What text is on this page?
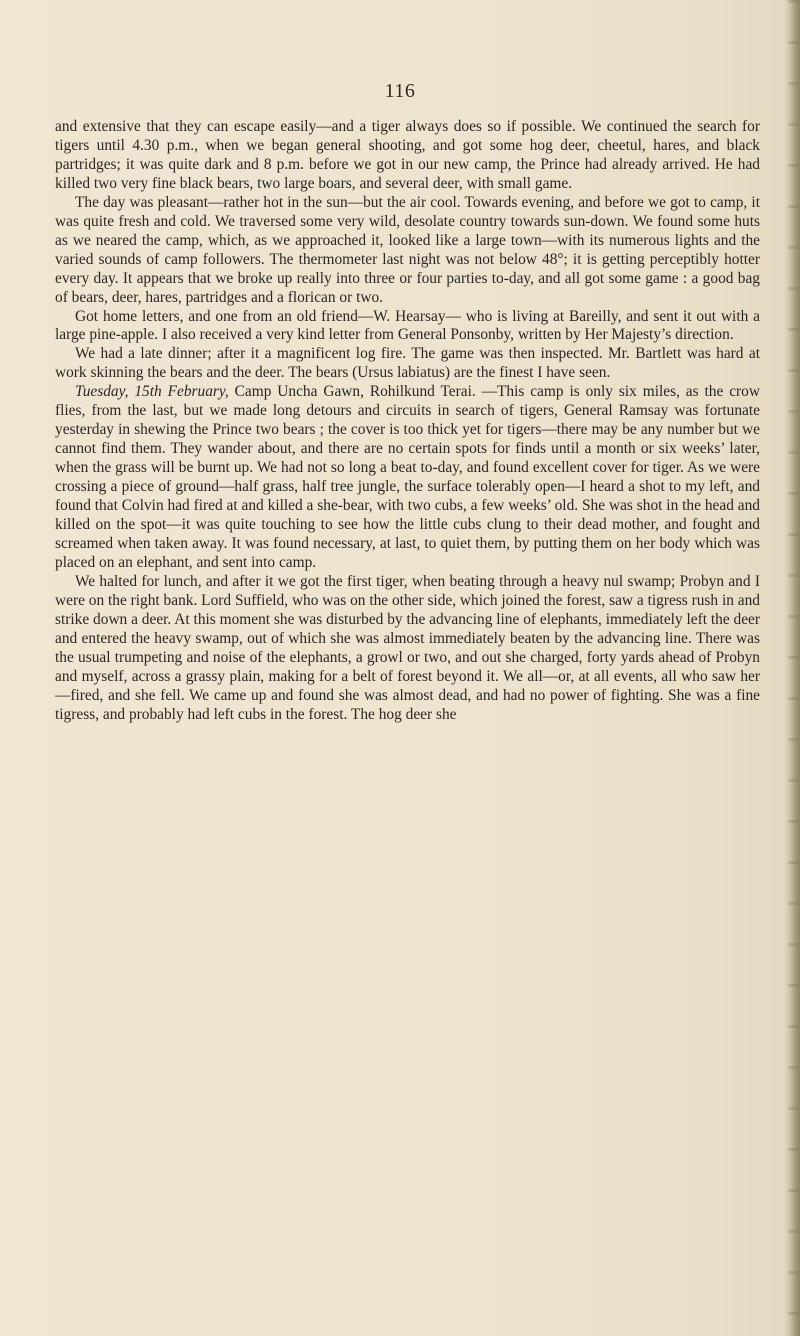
116

and extensive that they can escape easily—and a tiger always does so if possible. We continued the search for tigers until 4.30 p.m., when we began general shooting, and got some hog deer, cheetul, hares, and black partridges; it was quite dark and 8 p.m. before we got in our new camp, the Prince had already arrived. He had killed two very fine black bears, two large boars, and several deer, with small game.

The day was pleasant—rather hot in the sun—but the air cool. Towards evening, and before we got to camp, it was quite fresh and cold. We traversed some very wild, desolate country towards sun-down. We found some huts as we neared the camp, which, as we approached it, looked like a large town—with its numerous lights and the varied sounds of camp followers. The thermometer last night was not below 48°; it is getting perceptibly hotter every day. It appears that we broke up really into three or four parties to-day, and all got some game : a good bag of bears, deer, hares, partridges and a florican or two.

Got home letters, and one from an old friend—W. Hearsay— who is living at Bareilly, and sent it out with a large pine-apple. I also received a very kind letter from General Ponsonby, written by Her Majesty’s direction.

We had a late dinner; after it a magnificent log fire. The game was then inspected. Mr. Bartlett was hard at work skinning the bears and the deer. The bears (Ursus labiatus) are the finest I have seen.

Tuesday, 15th February, Camp Uncha Gawn, Rohilkund Terai. —This camp is only six miles, as the crow flies, from the last, but we made long detours and circuits in search of tigers, General Ramsay was fortunate yesterday in shewing the Prince two bears ; the cover is too thick yet for tigers—there may be any number but we cannot find them. They wander about, and there are no certain spots for finds until a month or six weeks’ later, when the grass will be burnt up. We had not so long a beat to-day, and found excellent cover for tiger. As we were crossing a piece of ground—half grass, half tree jungle, the surface tolerably open—I heard a shot to my left, and found that Colvin had fired at and killed a she-bear, with two cubs, a few weeks’ old. She was shot in the head and killed on the spot—it was quite touching to see how the little cubs clung to their dead mother, and fought and screamed when taken away. It was found necessary, at last, to quiet them, by putting them on her body which was placed on an elephant, and sent into camp.

We halted for lunch, and after it we got the first tiger, when beating through a heavy nul swamp; Probyn and I were on the right bank. Lord Suffield, who was on the other side, which joined the forest, saw a tigress rush in and strike down a deer. At this moment she was disturbed by the advancing line of elephants, immediately left the deer and entered the heavy swamp, out of which she was almost immediately beaten by the advancing line. There was the usual trumpeting and noise of the elephants, a growl or two, and out she charged, forty yards ahead of Probyn and myself, across a grassy plain, making for a belt of forest beyond it. We all—or, at all events, all who saw her—fired, and she fell. We came up and found she was almost dead, and had no power of fighting. She was a fine tigress, and probably had left cubs in the forest. The hog deer she
